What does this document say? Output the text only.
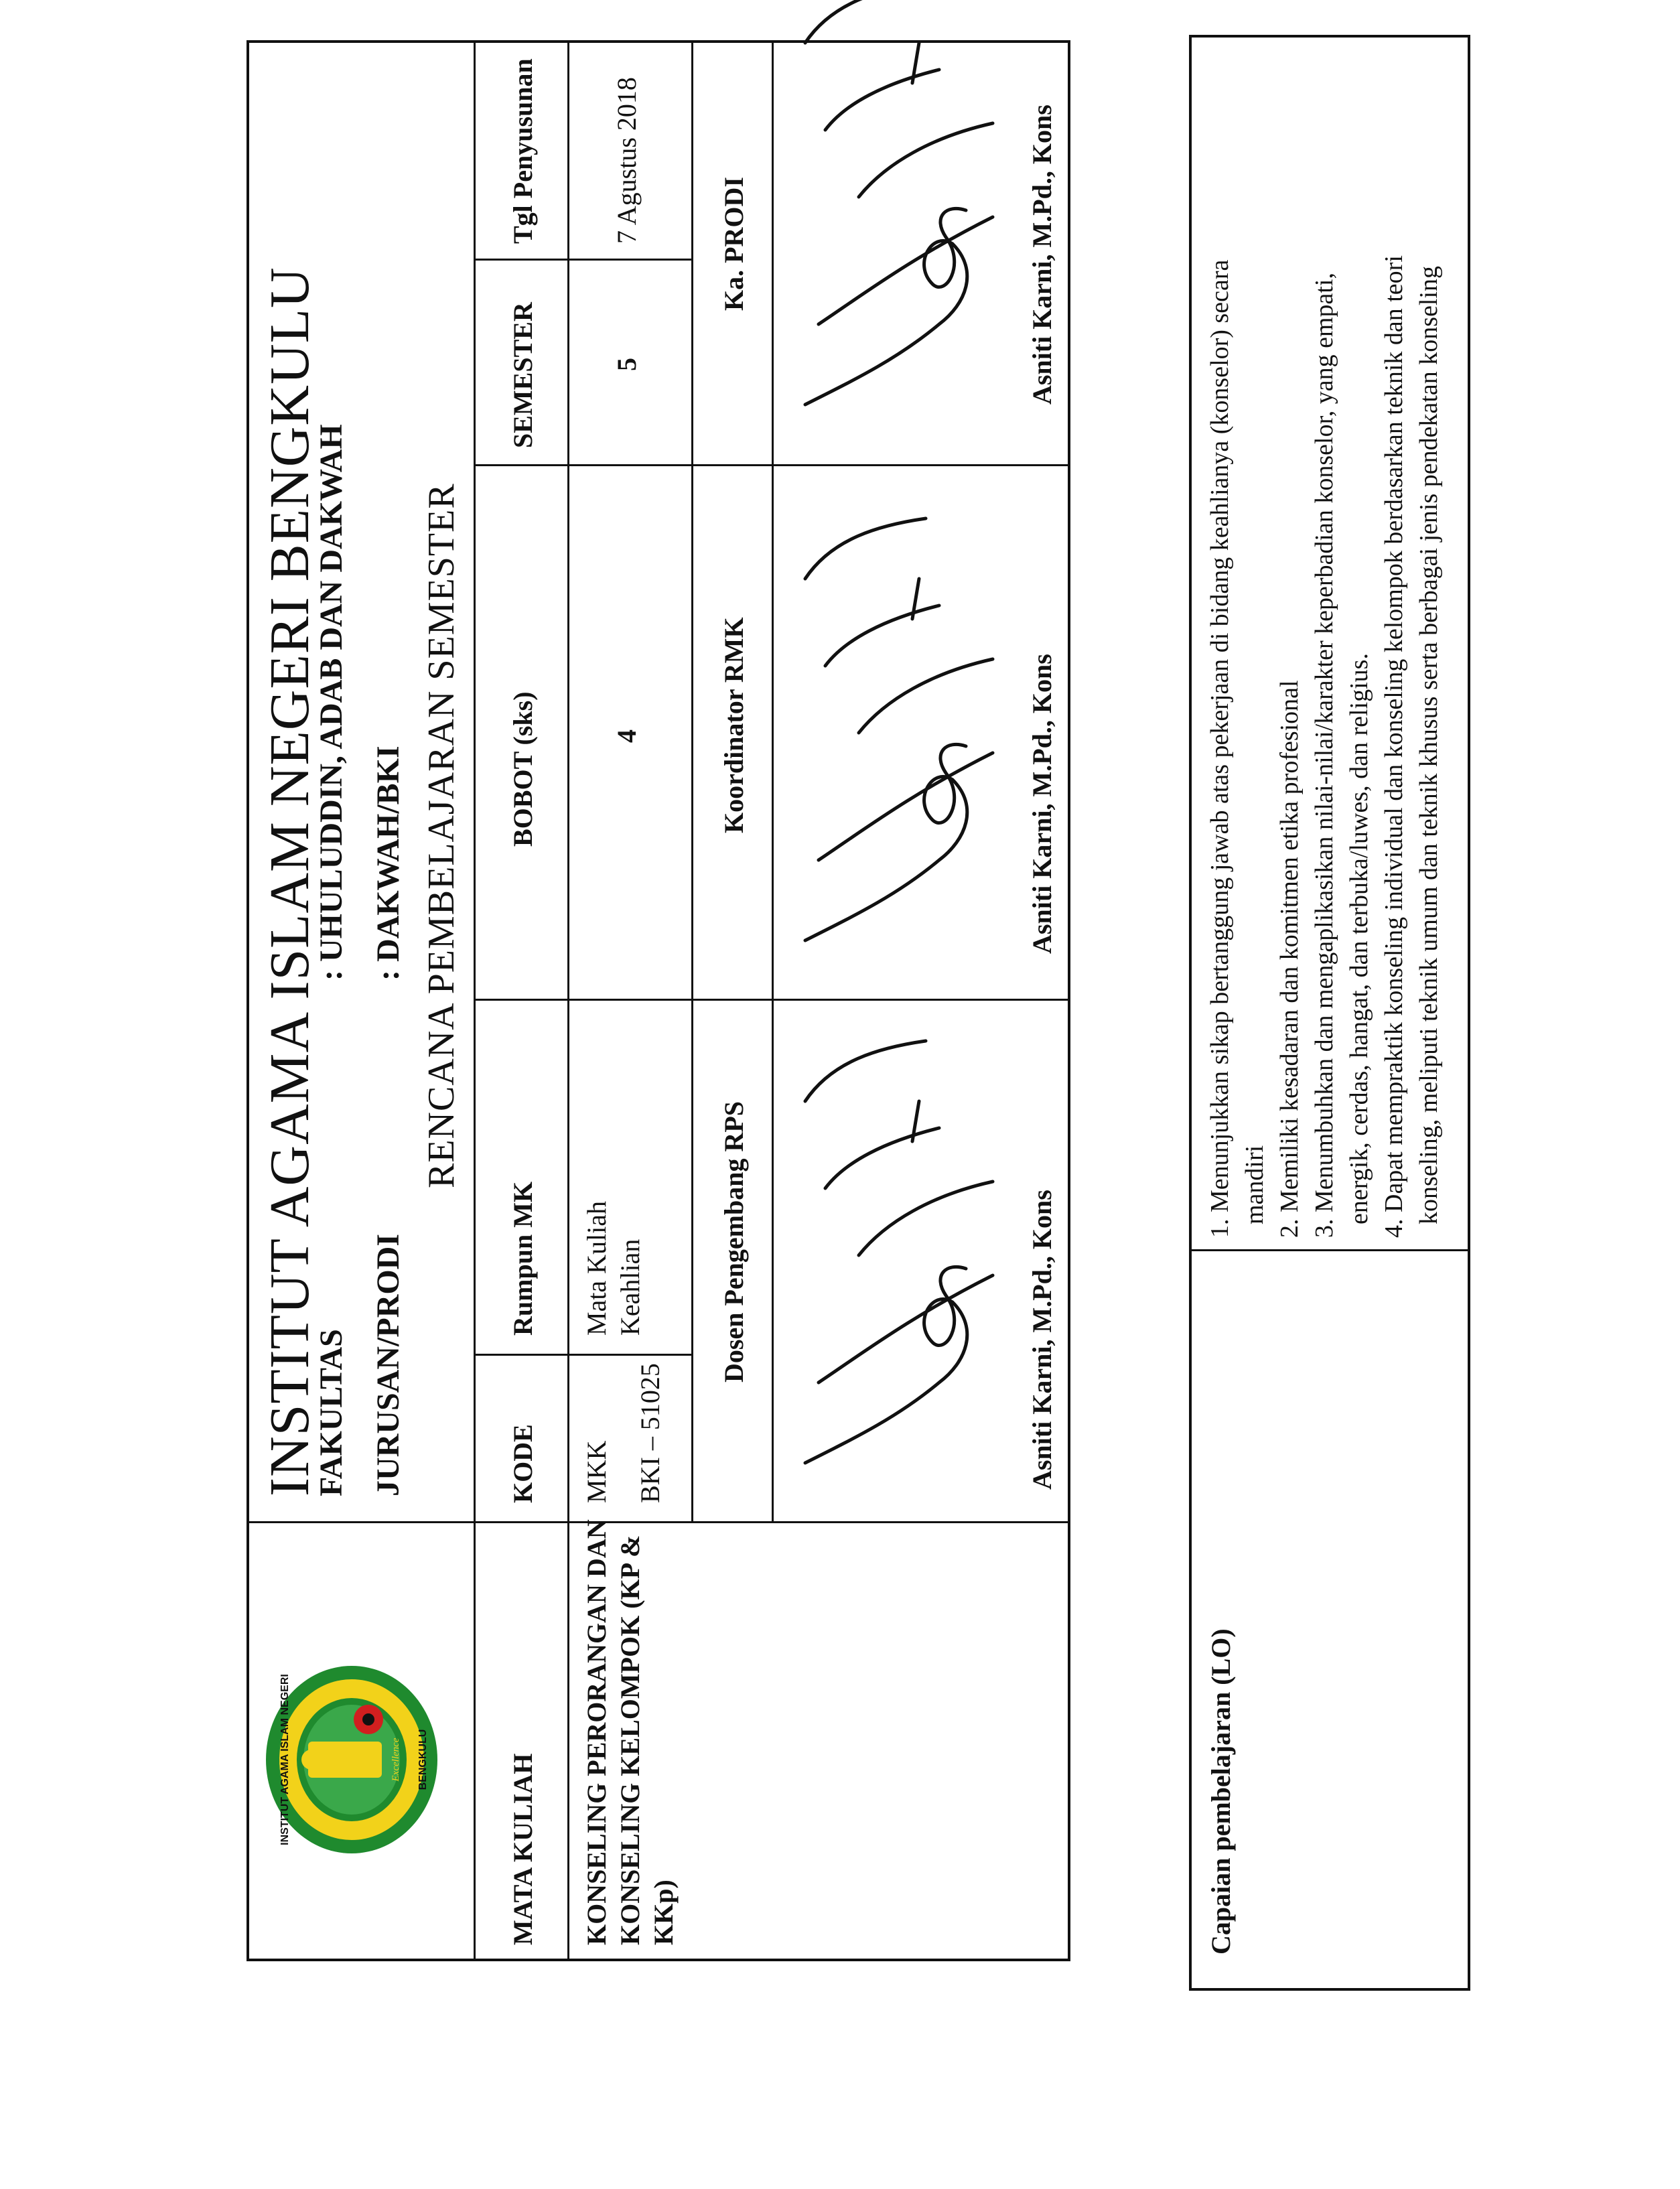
INSTITUT AGAMA ISLAM NEGERI	BENGKULU
Excellence
INSTITUT AGAMA ISLAM NEGERI BENGKULU
FAKULTAS
: UHULUDDIN, ADAB DAN DAKWAH
JURUSAN/PRODI
: DAKWAH/BKI RENCANA PEMBELAJARAN SEMESTER
MATA KULIAH
KODE
Rumpun MK
BOBOT (sks)
SEMESTER
Tgl Penyusunan
KONSELING PERORANGAN DAN KONSELING KELOMPOK (KP & KKp)
MKK BKI – 51025
Mata Kuliah Keahlian
4
5
7 Agustus 2018
Dosen Pengembang RPS
Koordinator RMK
Ka. PRODI
Asniti Karni, M.Pd., Kons
Asniti Karni, M.Pd., Kons
Asniti Karni, M.Pd., Kons
Capaian pembelajaran (LO)
1. Menunjukkan sikap bertanggung jawab atas pekerjaan di bidang keahlianya (konselor) secara mandiri 2. Memiliki kesadaran dan komitmen etika profesional 3. Menumbuhkan dan mengaplikasikan nilai-nilai/karakter keperbadian konselor, yang empati, energik, cerdas, hangat, dan terbuka/luwes, dan religius. 4. Dapat mempraktik konseling individual dan konseling kelompok berdasarkan teknik dan teori konseling, meliputi teknik umum dan teknik khusus serta berbagai jenis pendekatan konseling
